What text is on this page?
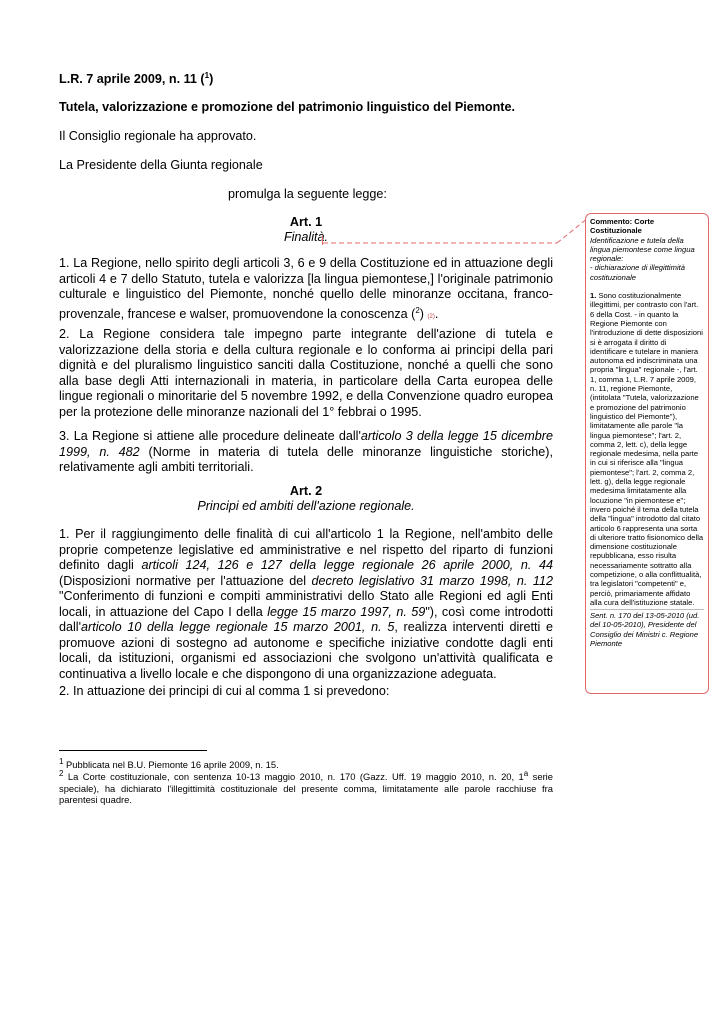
L.R. 7 aprile 2009, n. 11 ($^1$)
Tutela, valorizzazione e promozione del patrimonio linguistico del Piemonte.
Il Consiglio regionale ha approvato.
La Presidente della Giunta regionale
promulga la seguente legge:
Art. 1
Finalità.
1. La Regione, nello spirito degli articoli 3, 6 e 9 della Costituzione ed in attuazione degli articoli 4 e 7 dello Statuto, tutela e valorizza [la lingua piemontese,] l'originale patrimonio culturale e linguistico del Piemonte, nonché quello delle minoranze occitana, franco-provenzale, francese e walser, promuovendone la conoscenza ($^2$) (2).
2. La Regione considera tale impegno parte integrante dell'azione di tutela e valorizzazione della storia e della cultura regionale e lo conforma ai principi della pari dignità e del pluralismo linguistico sanciti dalla Costituzione, nonché a quelli che sono alla base degli Atti internazionali in materia, in particolare della Carta europea delle lingue regionali o minoritarie del 5 novembre 1992, e della Convenzione quadro europea per la protezione delle minoranze nazionali del 1° febbrai o 1995.
3. La Regione si attiene alle procedure delineate dall'articolo 3 della legge 15 dicembre 1999, n. 482 (Norme in materia di tutela delle minoranze linguistiche storiche), relativamente agli ambiti territoriali.
Art. 2
Principi ed ambiti dell'azione regionale.
1. Per il raggiungimento delle finalità di cui all'articolo 1 la Regione, nell'ambito delle proprie competenze legislative ed amministrative e nel rispetto del riparto di funzioni definito dagli articoli 124, 126 e 127 della legge regionale 26 aprile 2000, n. 44 (Disposizioni normative per l'attuazione del decreto legislativo 31 marzo 1998, n. 112 "Conferimento di funzioni e compiti amministrativi dello Stato alle Regioni ed agli Enti locali, in attuazione del Capo I della legge 15 marzo 1997, n. 59"), così come introdotti dall'articolo 10 della legge regionale 15 marzo 2001, n. 5, realizza interventi diretti e promuove azioni di sostegno ad autonome e specifiche iniziative condotte dagli enti locali, da istituzioni, organismi ed associazioni che svolgono un'attività qualificata e continuativa a livello locale e che dispongono di una organizzazione adeguata.
2. In attuazione dei principi di cui al comma 1 si prevedono:
$^1$ Pubblicata nel B.U. Piemonte 16 aprile 2009, n. 15.
$^2$ La Corte costituzionale, con sentenza 10-13 maggio 2010, n. 170 (Gazz. Uff. 19 maggio 2010, n. 20, 1$^a$ serie speciale), ha dichiarato l'illegittimità costituzionale del presente comma, limitatamente alle parole racchiuse fra parentesi quadre.
Commento: Corte Costituzionale
Identificazione e tutela della lingua piemontese come lingua regionale:
- dichiarazione di illegittimità costituzionale
1. Sono costituzionalmente illegittimi, per contrasto con l'art. 6 della Cost. - in quanto la Regione Piemonte con l'introduzione di dette disposizioni si è arrogata il diritto di identificare e tutelare in maniera autonoma ed indiscriminata una propria "lingua" regionale -, l'art. 1, comma 1, L.R. 7 aprile 2009, n. 11, regione Piemonte, (intitolata "Tutela, valorizzazione e promozione del patrimonio linguistico del Piemonte"), limitatamente alle parole "la lingua piemontese"; l'art. 2, comma 2, lett. c), della legge regionale medesima, nella parte in cui si riferisce alla "lingua piemontese"; l'art. 2, comma 2, lett. g), della legge regionale medesima limitatamente alla locuzione "in piemontese e"; invero poiché il tema della tutela della "lingua" introdotto dal citato articolo 6 rappresenta una sorta di ulteriore tratto fisionomico della dimensione costituzionale repubblicana, esso risulta necessariamente sottratto alla competizione, o alla conflittualità, tra legislatori "competenti" e, perciò, primariamente affidato alla cura dell'istituzione statale.
Sent. n. 170 del 13-05-2010 (ud. del 10-05-2010), Presidente del Consiglio dei Ministri c. Regione Piemonte
